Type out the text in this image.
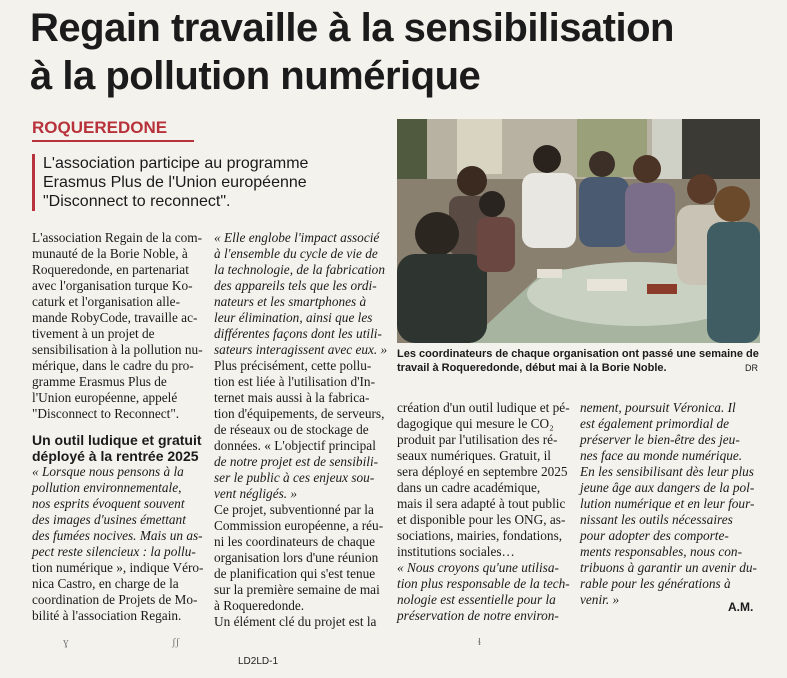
Regain travaille à la sensibilisation
à la pollution numérique
ROQUEREDONE
L'association participe au programme
Erasmus Plus de l'Union européenne
"Disconnect to reconnect".
Les coordinateurs de chaque organisation ont passé une semaine de
travail à Roqueredonde, début mai à la Borie Noble.	DR
L'association Regain de la com-
munauté de la Borie Noble, à
Roqueredonde, en partenariat
avec l'organisation turque Ko-
caturk et l'organisation alle-
mande RobyCode, travaille ac-
tivement à un projet de
sensibilisation à la pollution nu-
mérique, dans le cadre du pro-
gramme Erasmus Plus de
l'Union européenne, appelé
"Disconnect to Reconnect".
Un outil ludique et gratuit
déployé à la rentrée 2025
« Lorsque nous pensons à la
pollution environnementale,
nos esprits évoquent souvent
des images d'usines émettant
des fumées nocives. Mais un as-
pect reste silencieux : la pollu-
tion numérique », indique Véro-
nica Castro, en charge de la
coordination de Projets de Mo-
bilité à l'association Regain.
« Elle englobe l'impact associé
à l'ensemble du cycle de vie de
la technologie, de la fabrication
des appareils tels que les ordi-
nateurs et les smartphones à
leur élimination, ainsi que les
différentes façons dont les utili-
sateurs interagissent avec eux. »
Plus précisément, cette pollu-
tion est liée à l'utilisation d'In-
ternet mais aussi à la fabrica-
tion d'équipements, de serveurs,
de réseaux ou de stockage de
données. « L'objectif principal
de notre projet est de sensibili-
ser le public à ces enjeux sou-
vent négligés. »
Ce projet, subventionné par la
Commission européenne, a réu-
ni les coordinateurs de chaque
organisation lors d'une réunion
de planification qui s'est tenue
sur la première semaine de mai
à Roqueredonde.
Un élément clé du projet est la
création d'un outil ludique et pé-
dagogique qui mesure le CO₂
produit par l'utilisation des ré-
seaux numériques. Gratuit, il
sera déployé en septembre 2025
dans un cadre académique,
mais il sera adapté à tout public
et disponible pour les ONG, as-
sociations, mairies, fondations,
institutions sociales…
« Nous croyons qu'une utilisa-
tion plus responsable de la tech-
nologie est essentielle pour la
préservation de notre environ-
nement, poursuit Véronica. Il
est également primordial de
préserver le bien-être des jeu-
nes face au monde numérique.
En les sensibilisant dès leur plus
jeune âge aux dangers de la pol-
lution numérique et en leur four-
nissant les outils nécessaires
pour adopter des comporte-
ments responsables, nous con-
tribuons à garantir un avenir du-
rable pour les générations à
venir. »	A.M.
ɣ	ʃʃ	ɬ
LD2LD-1
